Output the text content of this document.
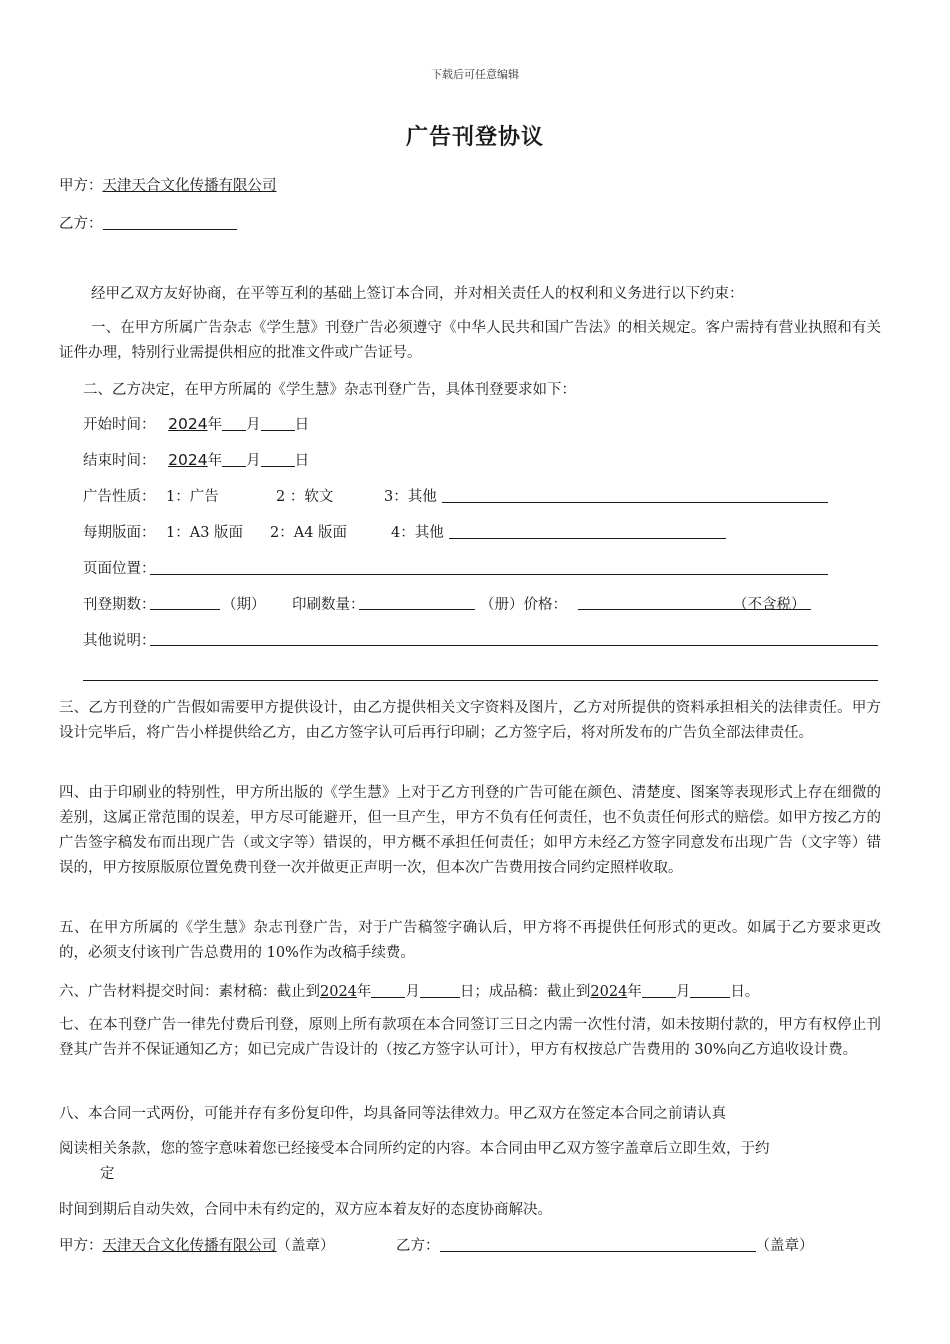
下载后可任意编辑
广告刊登协议
甲方：天津天合文化传播有限公司
乙方：
经甲乙双方友好协商，在平等互利的基础上签订本合同，并对相关责任人的权利和义务进行以下约束：
一、在甲方所属广告杂志《学生慧》刊登广告必须遵守《中华人民共和国广告法》的相关规定。客户需持有营业执照和有关证件办理，特别行业需提供相应的批准文件或广告证号。
二、乙方决定，在甲方所属的《学生慧》杂志刊登广告，具体刊登要求如下：
开始时间： 2024年 月 日
结束时间： 2024年 月 日
广告性质： 1：广告	2 ：软文	3：其他
每期版面： 1：A3 版面 2：A4 版面	4：其他
页面位置：
刊登期数：	（期） 印刷数量：	（册）价格：	（不含税）
其他说明：
三、乙方刊登的广告假如需要甲方提供设计，由乙方提供相关文字资料及图片，乙方对所提供的资料承担相关的法律责任。甲方设计完毕后，将广告小样提供给乙方，由乙方签字认可后再行印刷；乙方签字后，将对所发布的广告负全部法律责任。
四、由于印刷业的特别性，甲方所出版的《学生慧》上对于乙方刊登的广告可能在颜色、清楚度、图案等表现形式上存在细微的差别，这属正常范围的误差，甲方尽可能避开，但一旦产生，甲方不负有任何责任，也不负责任何形式的赔偿。如甲方按乙方的广告签字稿发布而出现广告（或文字等）错误的，甲方概不承担任何责任；如甲方未经乙方签字同意发布出现广告（文字等）错误的，甲方按原版原位置免费刊登一次并做更正声明一次，但本次广告费用按合同约定照样收取。
五、在甲方所属的《学生慧》杂志刊登广告，对于广告稿签字确认后，甲方将不再提供任何形式的更改。如属于乙方要求更改的，必须支付该刊广告总费用的 10%作为改稿手续费。
六、广告材料提交时间：素材稿：截止到2024年 月	日；成品稿：截止到2024年 月	日。
七、在本刊登广告一律先付费后刊登，原则上所有款项在本合同签订三日之内需一次性付清，如未按期付款的，甲方有权停止刊登其广告并不保证通知乙方；如已完成广告设计的（按乙方签字认可计），甲方有权按总广告费用的 30%向乙方追收设计费。
八、本合同一式两份，可能并存有多份复印件，均具备同等法律效力。甲乙双方在签定本合同之前请认真
阅读相关条款，您的签字意味着您已经接受本合同所约定的内容。本合同由甲乙双方签字盖章后立即生效，于约
定
时间到期后自动失效，合同中未有约定的，双方应本着友好的态度协商解决。
甲方：天津天合文化传播有限公司（盖章）	乙方：	（盖章）
